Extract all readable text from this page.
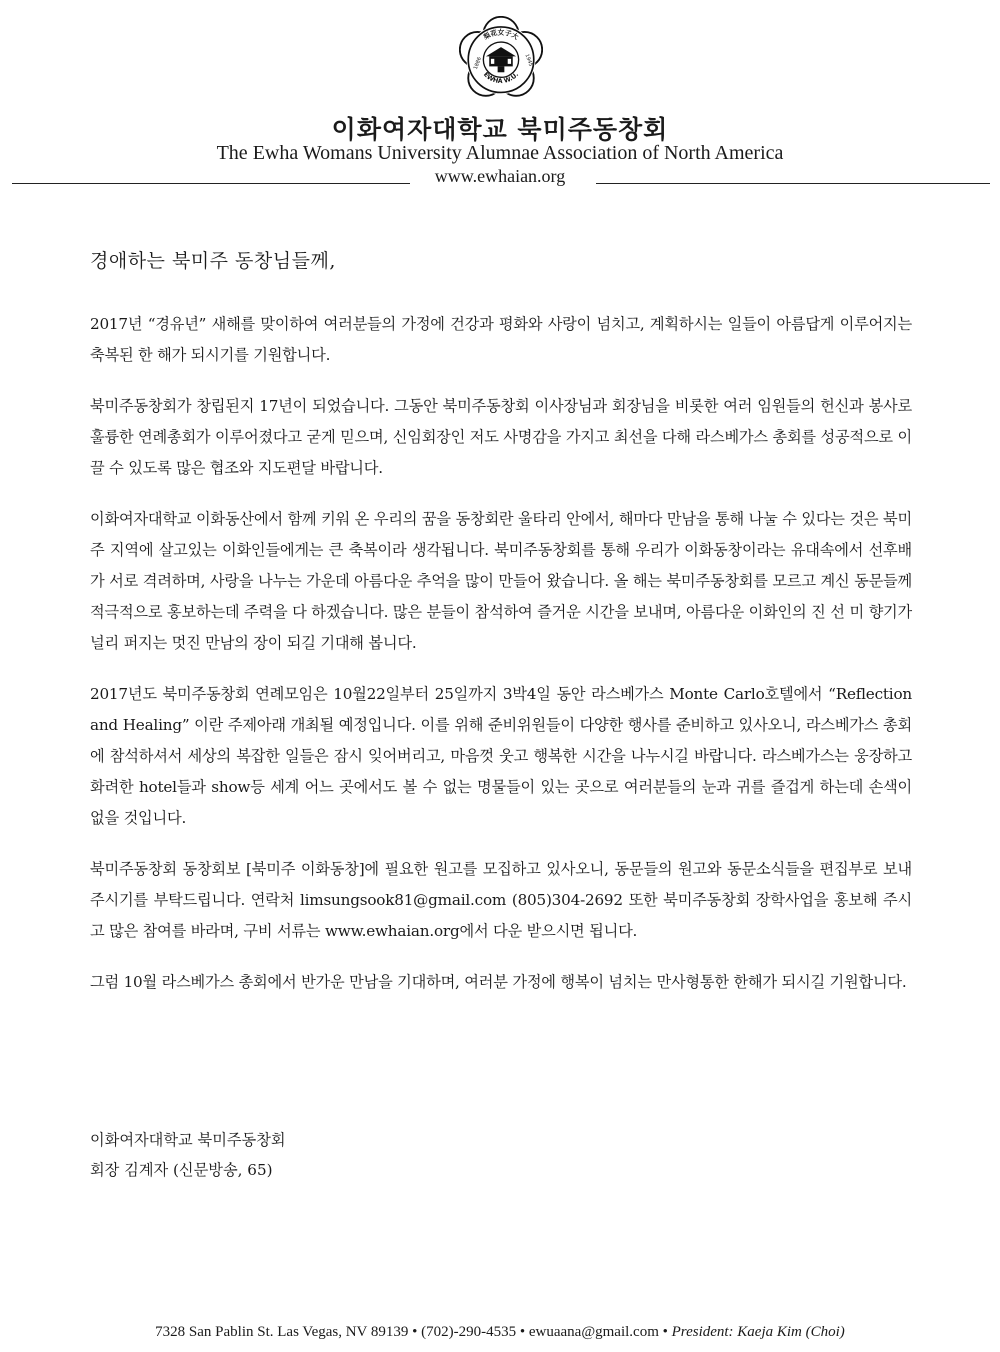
梨花女子大
EWHA W.U.
1886	1945
이화여자대학교 북미주동창회
The Ewha Womans University Alumnae Association of North America
www.ewhaian.org

경애하는 북미주 동창님들께,

2017년 “경유년” 새해를 맞이하여 여러분들의 가정에 건강과 평화와 사랑이 넘치고, 계획하시는 일들이 아름답게 이루어지는 축복된 한 해가 되시기를 기원합니다.

북미주동창회가 창립된지 17년이 되었습니다. 그동안 북미주동창회 이사장님과 회장님을 비롯한 여러 임원들의 헌신과 봉사로 훌륭한 연례총회가 이루어졌다고 굳게 믿으며, 신임회장인 저도 사명감을 가지고 최선을 다해 라스베가스 총회를 성공적으로 이끌 수 있도록 많은 협조와 지도편달 바랍니다.

이화여자대학교 이화동산에서 함께 키워 온 우리의 꿈을 동창회란 울타리 안에서, 해마다 만남을 통해 나눌 수 있다는 것은 북미주 지역에 살고있는 이화인들에게는 큰 축복이라 생각됩니다. 북미주동창회를 통해 우리가 이화동창이라는 유대속에서 선후배가 서로 격려하며, 사랑을 나누는 가운데 아름다운 추억을 많이 만들어 왔습니다. 올 해는 북미주동창회를 모르고 계신 동문들께 적극적으로 홍보하는데 주력을 다 하겠습니다. 많은 분들이 참석하여 즐거운 시간을 보내며, 아름다운 이화인의 진 선 미 향기가 널리 퍼지는 멋진 만남의 장이 되길 기대해 봅니다.

2017년도 북미주동창회 연례모임은 10월22일부터 25일까지 3박4일 동안 라스베가스 Monte Carlo호텔에서 “Reflection and Healing” 이란 주제아래 개최될 예정입니다. 이를 위해 준비위원들이 다양한 행사를 준비하고 있사오니, 라스베가스 총회에 참석하셔서 세상의 복잡한 일들은 잠시 잊어버리고, 마음껏 웃고 행복한 시간을 나누시길 바랍니다. 라스베가스는 웅장하고 화려한 hotel들과 show등 세계 어느 곳에서도 볼 수 없는 명물들이 있는 곳으로 여러분들의 눈과 귀를 즐겁게 하는데 손색이 없을 것입니다.

북미주동창회 동창회보 [북미주 이화동창]에 필요한 원고를 모집하고 있사오니, 동문들의 원고와 동문소식들을 편집부로 보내주시기를 부탁드립니다. 연락처 limsungsook81@gmail.com (805)304-2692 또한 북미주동창회 장학사업을 홍보해 주시고 많은 참여를 바라며, 구비 서류는 www.ewhaian.org에서 다운 받으시면 됩니다.

그럼 10월 라스베가스 총회에서 반가운 만남을 기대하며, 여러분 가정에 행복이 넘치는 만사형통한 한해가 되시길 기원합니다.

이화여자대학교 북미주동창회
회장 김계자 (신문방송, 65)
7328 San Pablin St. Las Vegas, NV 89139 • (702)-290-4535 • ewuaana@gmail.com • President: Kaeja Kim (Choi)
